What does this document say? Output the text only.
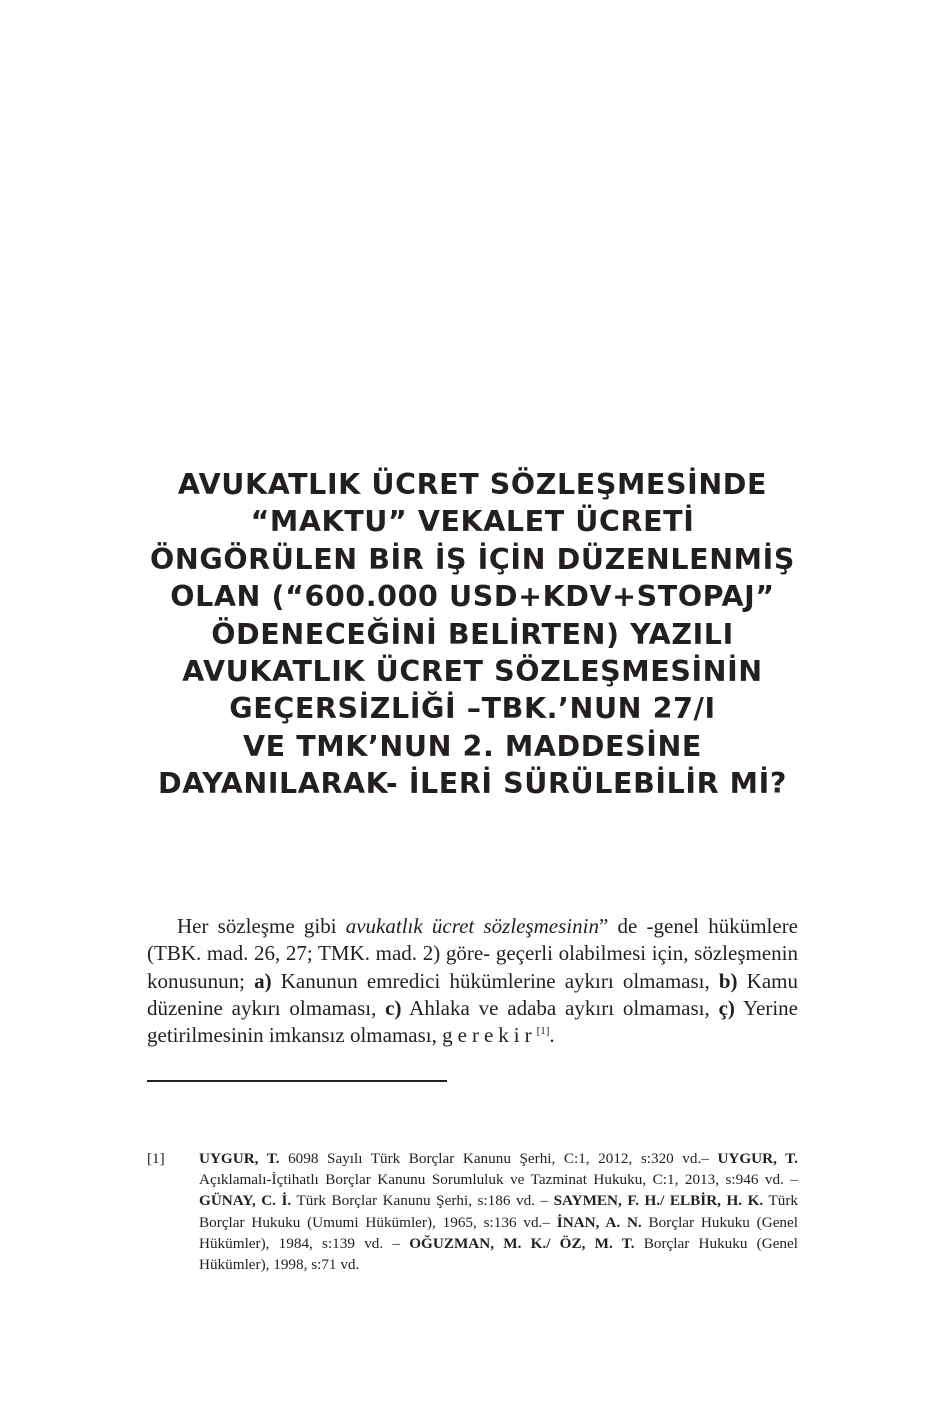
AVUKATLIK ÜCRET SÖZLEŞMESİNDE
“MAKTU” VEKALET ÜCRETİ
ÖNGÖRÜLEN BİR İŞ İÇİN DÜZENLENMİŞ
OLAN (“600.000 USD+KDV+STOPAJ”
ÖDENECEĞİNİ BELİRTEN) YAZILI
AVUKATLIK ÜCRET SÖZLEŞMESİNİN
GEÇERSİZLİĞİ –TBK.’NUN 27/I
VE TMK’NUN 2. MADDESİNE
DAYANILARAK- İLERİ SÜRÜLEBİLİR Mİ?

Her sözleşme gibi avukatlık ücret sözleşmesinin” de -genel hükümlere (TBK. mad. 26, 27; TMK. mad. 2) göre- geçerli olabilmesi için, sözleşmenin konusunun; a) Kanunun emredici hükümlerine aykırı olmaması, b) Kamu düzenine aykırı olmaması, c) Ahlaka ve adaba aykırı olmaması, ç) Yerine getirilmesinin imkansız olmaması, gerekir[1].

[1]	UYGUR, T. 6098 Sayılı Türk Borçlar Kanunu Şerhi, C:1, 2012, s:320 vd.– UYGUR, T. Açıklamalı-İçtihatlı Borçlar Kanunu Sorumluluk ve Tazminat Hukuku, C:1, 2013, s:946 vd. – GÜNAY, C. İ. Türk Borçlar Kanunu Şerhi, s:186 vd. – SAYMEN, F. H./ ELBİR, H. K. Türk Borçlar Hukuku (Umumi Hükümler), 1965, s:136 vd.– İNAN, A. N. Borçlar Hukuku (Genel Hükümler), 1984, s:139 vd. – OĞUZMAN, M. K./ ÖZ, M. T. Borçlar Hukuku (Genel Hükümler), 1998, s:71 vd.
